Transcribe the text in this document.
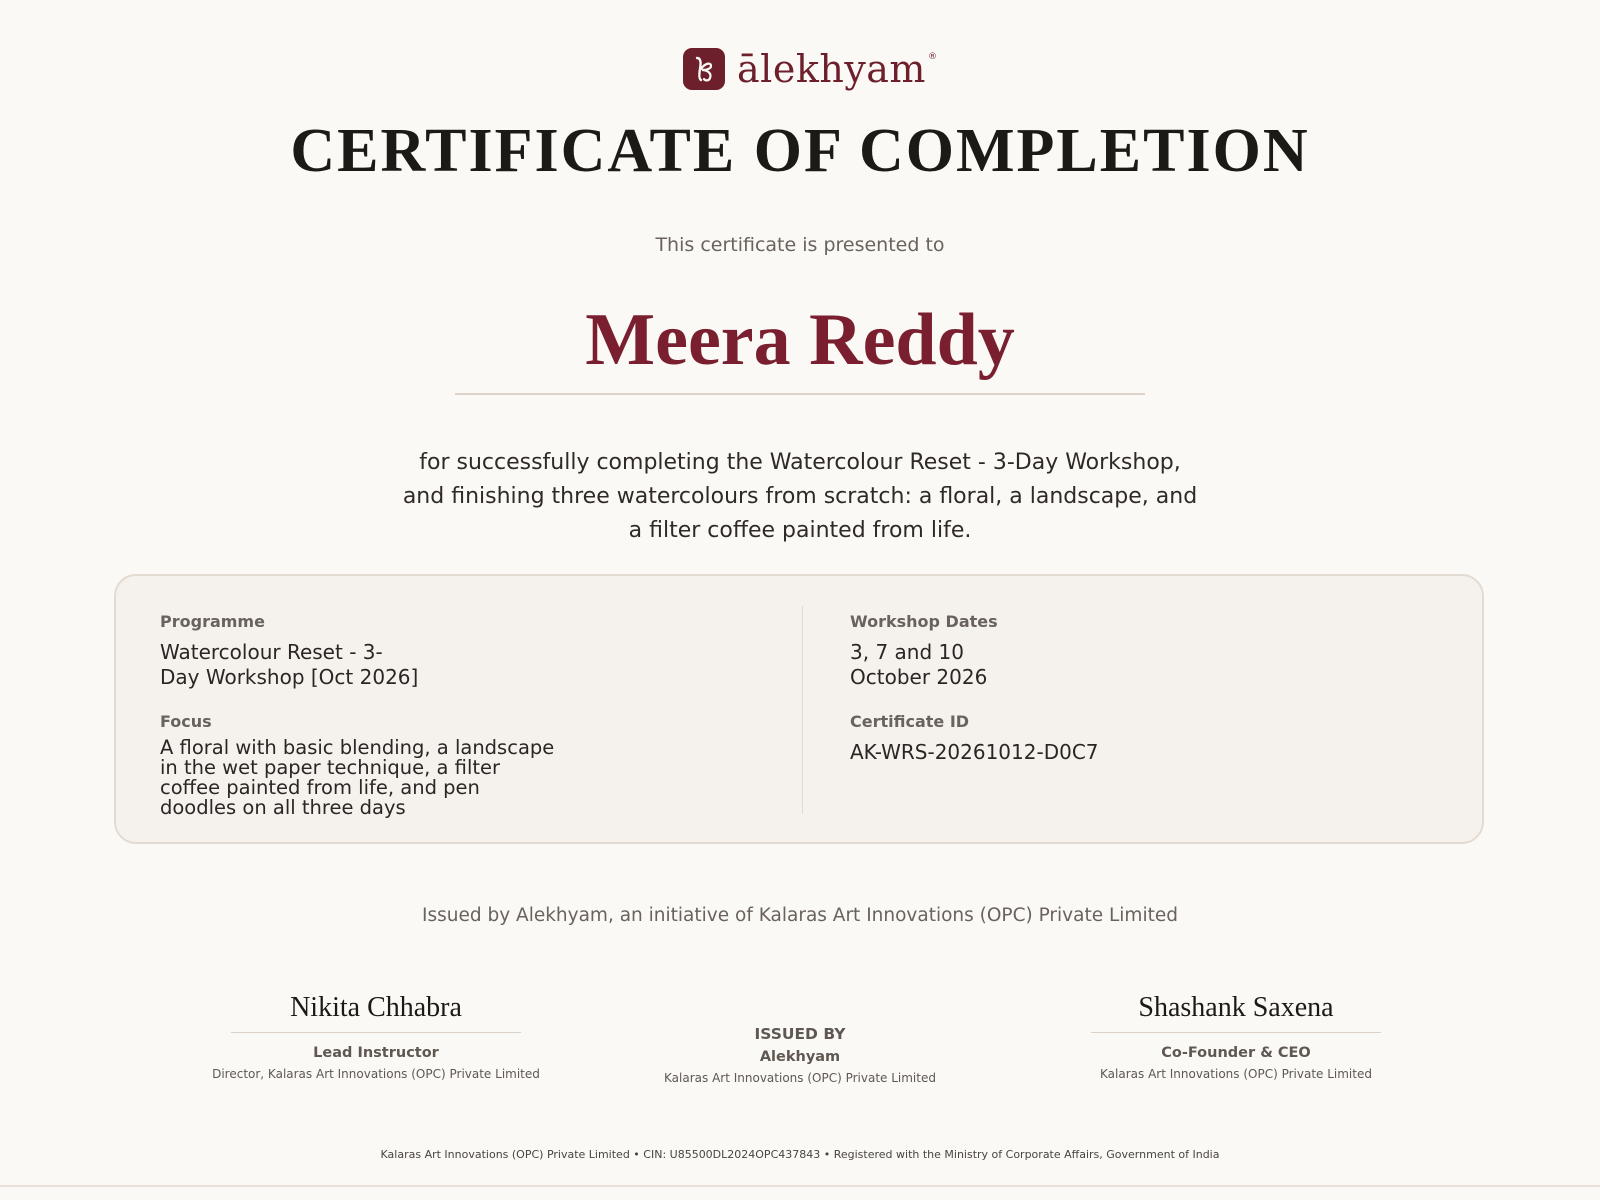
ālekhyam ®
CERTIFICATE OF COMPLETION
This certificate is presented to
Meera Reddy
for successfully completing the Watercolour Reset - 3-Day Workshop, and finishing three watercolours from scratch: a floral, a landscape, and a filter coffee painted from life.
Programme
Watercolour Reset - 3-Day Workshop [Oct 2026]
Focus
A floral with basic blending, a landscape in the wet paper technique, a filter coffee painted from life, and pen doodles on all three days
Workshop Dates
3, 7 and 10 October 2026
Certificate ID
AK-WRS-20261012-D0C7
Issued by Alekhyam, an initiative of Kalaras Art Innovations (OPC) Private Limited
Nikita Chhabra
Lead Instructor
Director, Kalaras Art Innovations (OPC) Private Limited
ISSUED BY
Alekhyam
Kalaras Art Innovations (OPC) Private Limited
Shashank Saxena
Co-Founder & CEO
Kalaras Art Innovations (OPC) Private Limited
Kalaras Art Innovations (OPC) Private Limited • CIN: U85500DL2024OPC437843 • Registered with the Ministry of Corporate Affairs, Government of India
